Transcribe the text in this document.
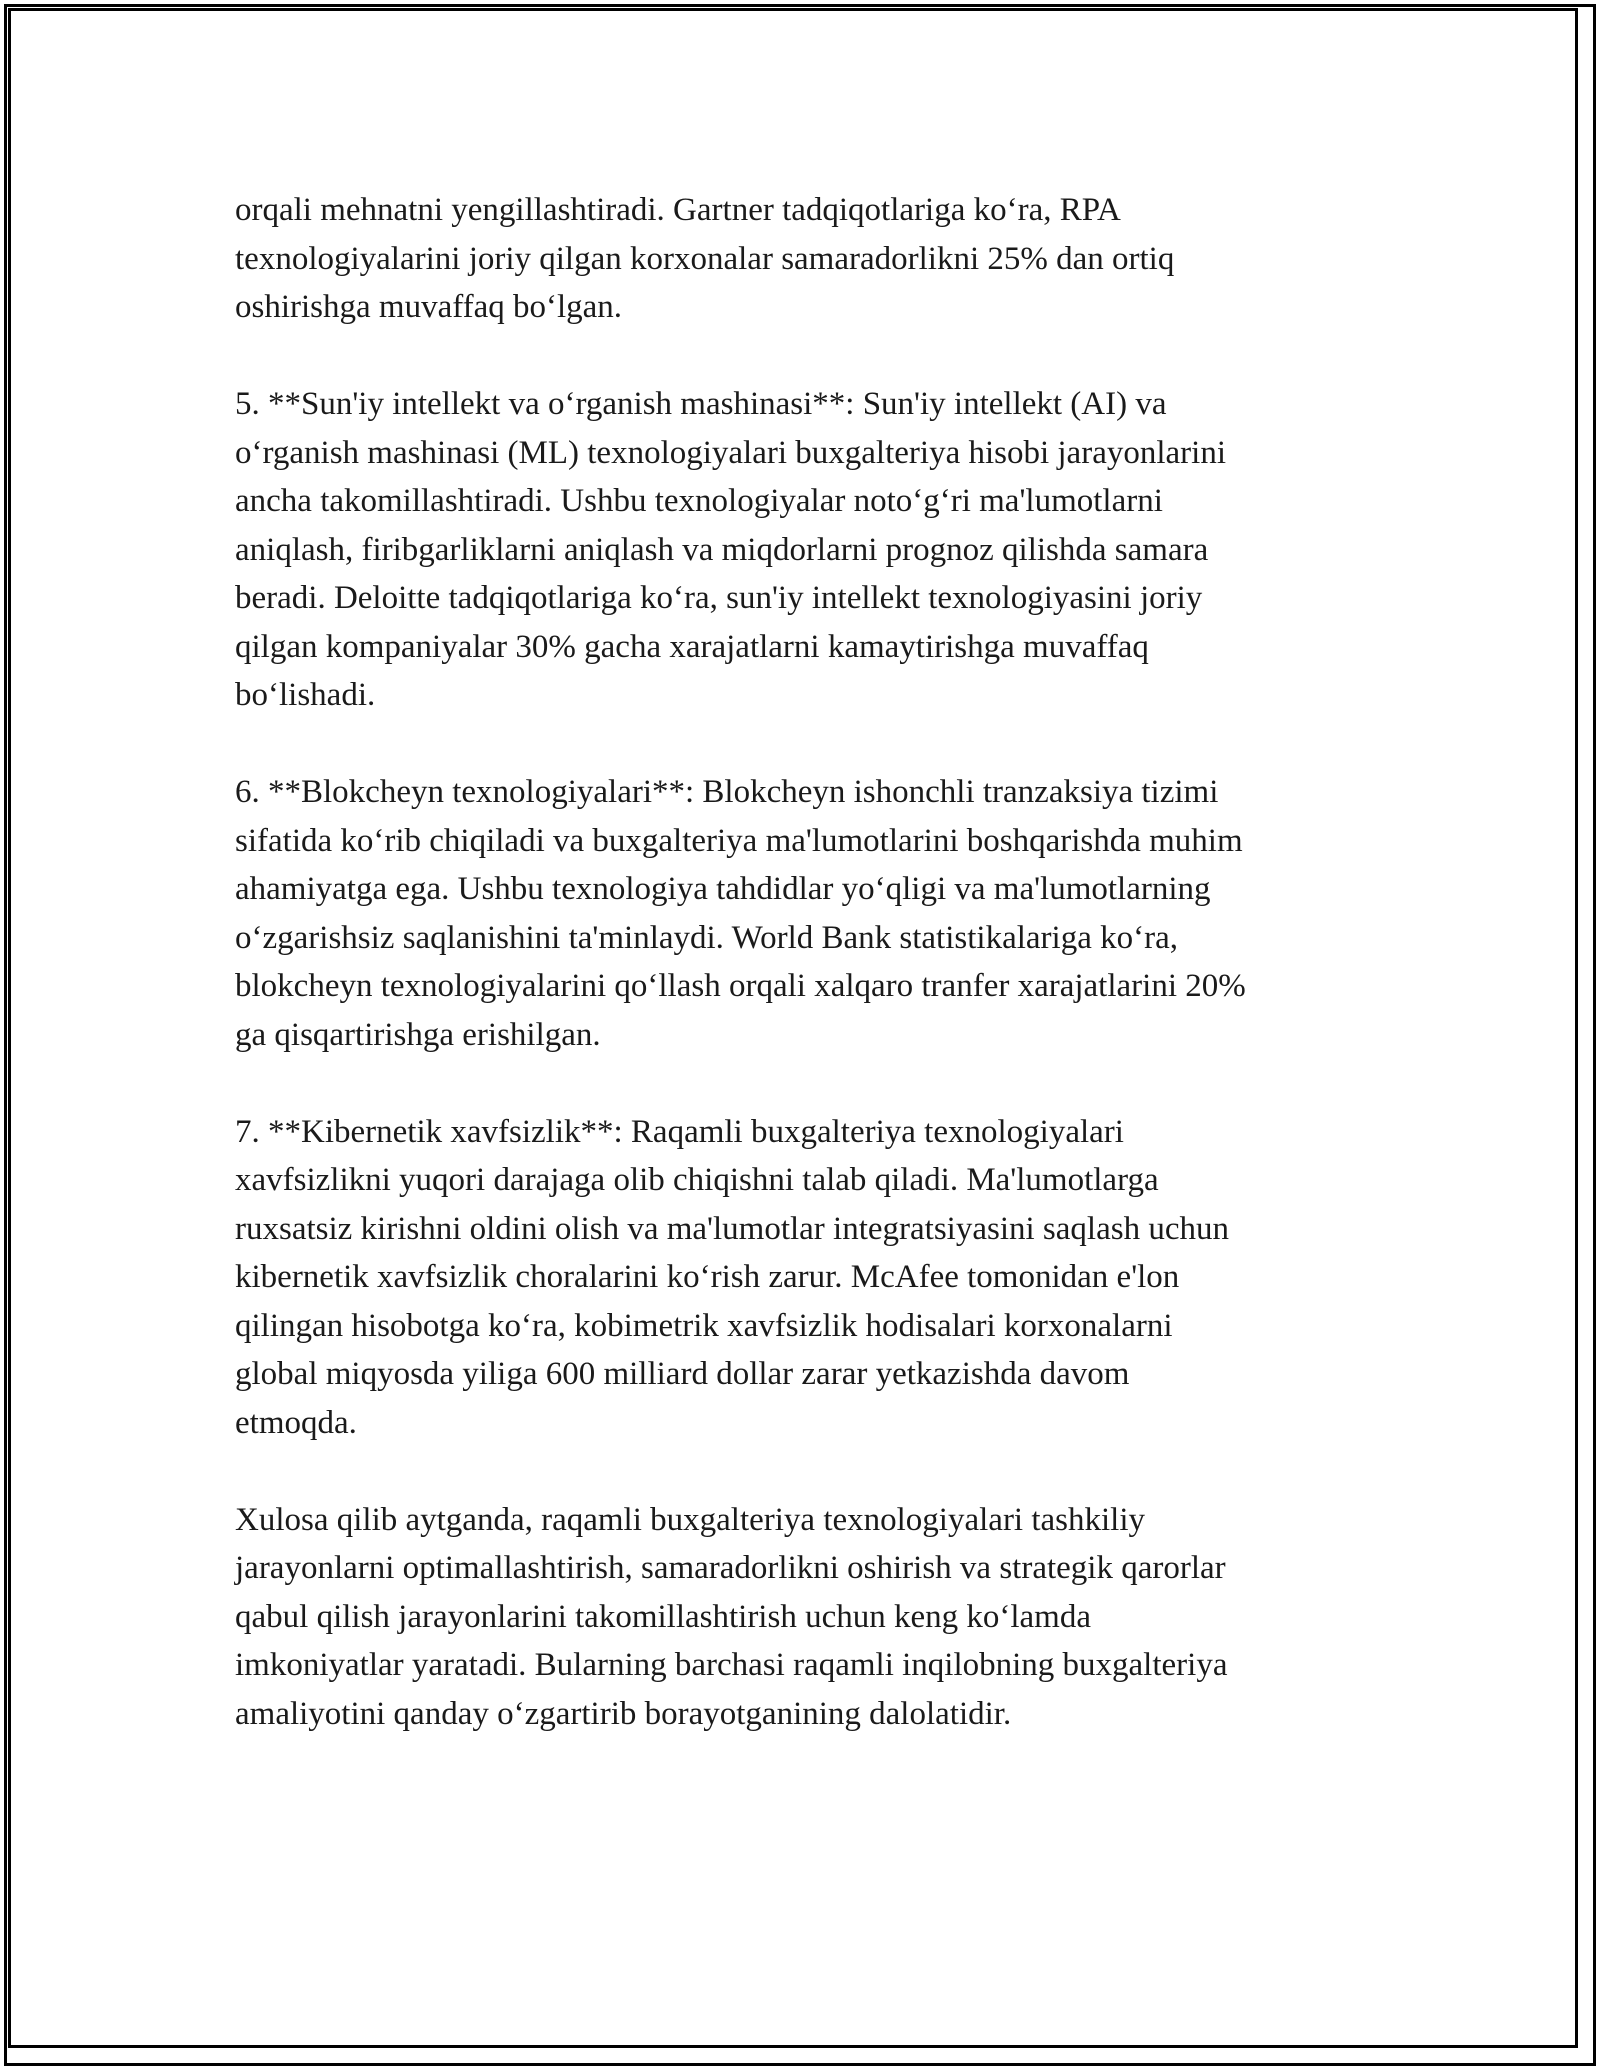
orqali mehnatni yengillashtiradi. Gartner tadqiqotlariga ko‘ra, RPA
texnologiyalarini joriy qilgan korxonalar samaradorlikni 25% dan ortiq
oshirishga muvaffaq bo‘lgan.
5. **Sun'iy intellekt va o‘rganish mashinasi**: Sun'iy intellekt (AI) va
o‘rganish mashinasi (ML) texnologiyalari buxgalteriya hisobi jarayonlarini
ancha takomillashtiradi. Ushbu texnologiyalar noto‘g‘ri ma'lumotlarni
aniqlash, firibgarliklarni aniqlash va miqdorlarni prognoz qilishda samara
beradi. Deloitte tadqiqotlariga ko‘ra, sun'iy intellekt texnologiyasini joriy
qilgan kompaniyalar 30% gacha xarajatlarni kamaytirishga muvaffaq
bo‘lishadi.
6. **Blokcheyn texnologiyalari**: Blokcheyn ishonchli tranzaksiya tizimi
sifatida ko‘rib chiqiladi va buxgalteriya ma'lumotlarini boshqarishda muhim
ahamiyatga ega. Ushbu texnologiya tahdidlar yo‘qligi va ma'lumotlarning
o‘zgarishsiz saqlanishini ta'minlaydi. World Bank statistikalariga ko‘ra,
blokcheyn texnologiyalarini qo‘llash orqali xalqaro tranfer xarajatlarini 20%
ga qisqartirishga erishilgan.
7. **Kibernetik xavfsizlik**: Raqamli buxgalteriya texnologiyalari
xavfsizlikni yuqori darajaga olib chiqishni talab qiladi. Ma'lumotlarga
ruxsatsiz kirishni oldini olish va ma'lumotlar integratsiyasini saqlash uchun
kibernetik xavfsizlik choralarini ko‘rish zarur. McAfee tomonidan e'lon
qilingan hisobotga ko‘ra, kobimetrik xavfsizlik hodisalari korxonalarni
global miqyosda yiliga 600 milliard dollar zarar yetkazishda davom
etmoqda.
Xulosa qilib aytganda, raqamli buxgalteriya texnologiyalari tashkiliy
jarayonlarni optimallashtirish, samaradorlikni oshirish va strategik qarorlar
qabul qilish jarayonlarini takomillashtirish uchun keng ko‘lamda
imkoniyatlar yaratadi. Bularning barchasi raqamli inqilobning buxgalteriya
amaliyotini qanday o‘zgartirib borayotganining dalolatidir.
